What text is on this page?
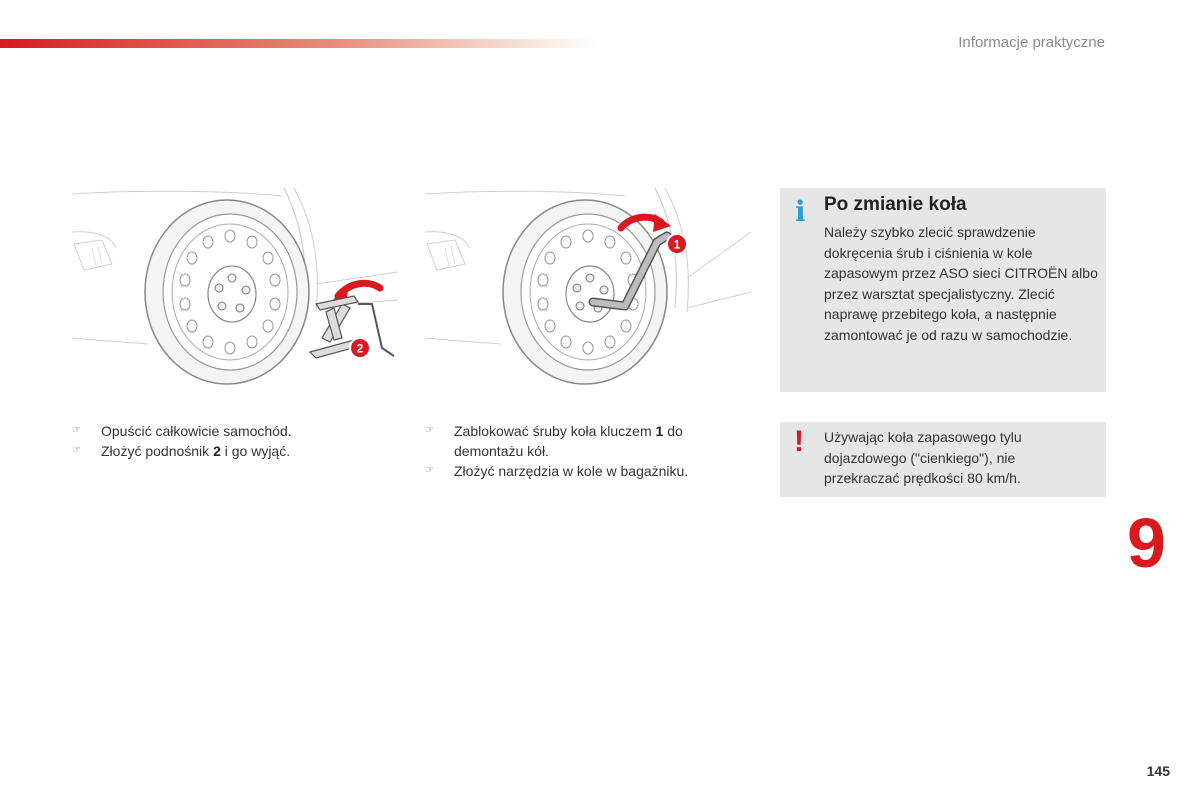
Informacje praktyczne
2
1
☞ Opuścić całkowicie samochód.
☞ Złożyć podnośnik 2 i go wyjąć.
☞ Zablokować śruby koła kluczem 1 do demontażu kół.
☞ Złożyć narzędzia w kole w bagażniku.
i Po zmianie koła
Należy szybko zlecić sprawdzenie dokręcenia śrub i ciśnienia w kole zapasowym przez ASO sieci CITROËN albo przez warsztat specjalistyczny. Zlecić naprawę przebitego koła, a następnie zamontować je od razu w samochodzie.
! Używając koła zapasowego tylu dojazdowego ("cienkiego"), nie przekraczać prędkości 80 km/h.
9
145
